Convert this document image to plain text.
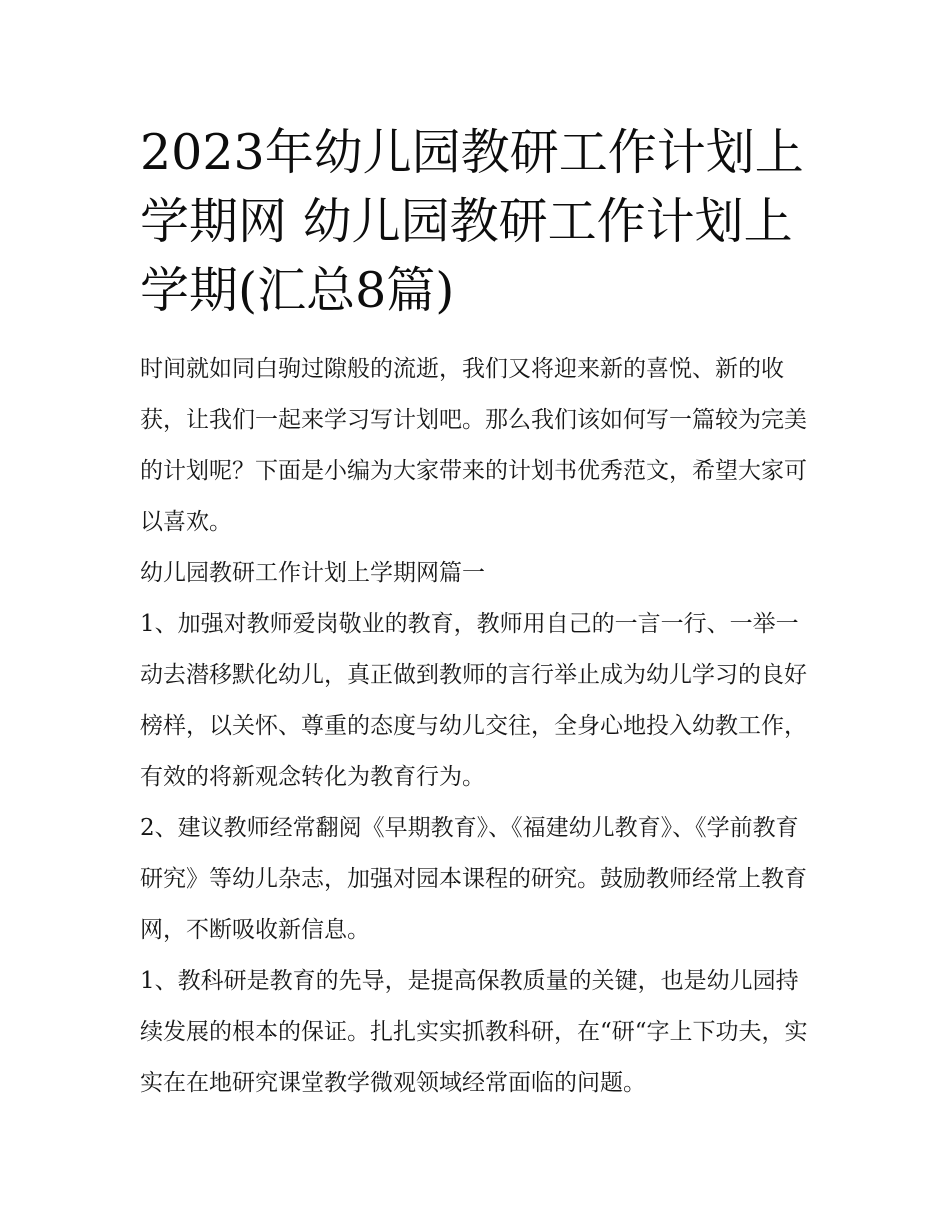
2023年幼儿园教研工作计划上学期网 幼儿园教研工作计划上学期(汇总8篇)

时间就如同白驹过隙般的流逝，我们又将迎来新的喜悦、新的收获，让我们一起来学习写计划吧。那么我们该如何写一篇较为完美的计划呢？下面是小编为大家带来的计划书优秀范文，希望大家可以喜欢。

幼儿园教研工作计划上学期网篇一

1、加强对教师爱岗敬业的教育，教师用自己的一言一行、一举一动去潜移默化幼儿，真正做到教师的言行举止成为幼儿学习的良好榜样，以关怀、尊重的态度与幼儿交往，全身心地投入幼教工作，有效的将新观念转化为教育行为。

2、建议教师经常翻阅《早期教育》、《福建幼儿教育》、《学前教育研究》等幼儿杂志，加强对园本课程的研究。鼓励教师经常上教育网，不断吸收新信息。

1、教科研是教育的先导，是提高保教质量的关键，也是幼儿园持续发展的根本的保证。扎扎实实抓教科研，在“研“字上下功夫，实实在在地研究课堂教学微观领域经常面临的问题。
